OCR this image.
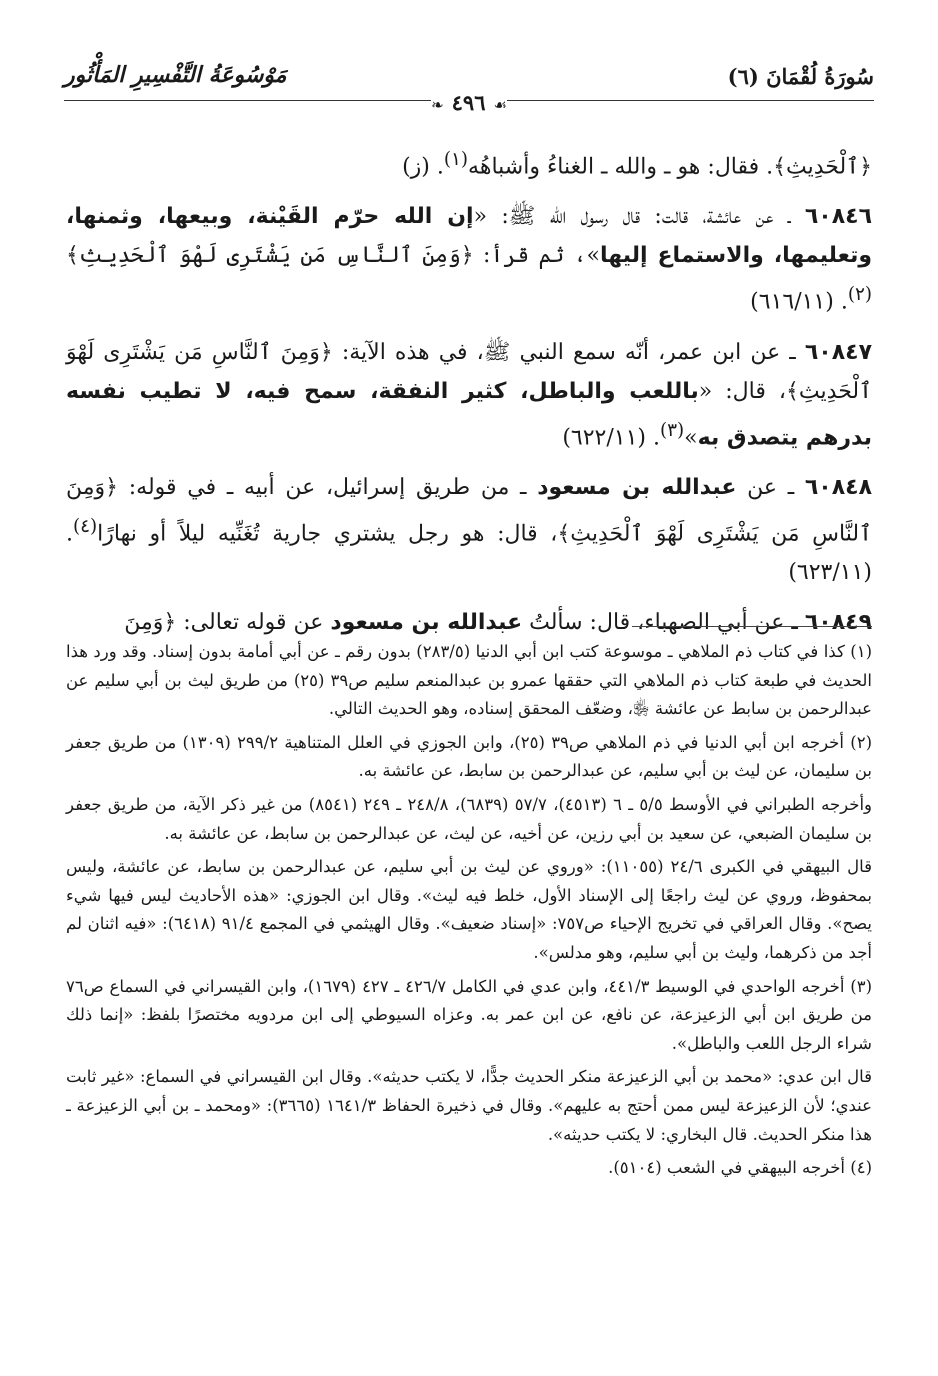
سُورَةُ لُقْمَانَ (٦)
مَوْسُوعَةُ التَّفْسِيرِ المَأْثُور
☙٤٩٦❧

﴿ٱلْحَدِيثِ﴾. فقال: هو ـ والله ـ الغناءُ وأشباهُه$^{(١)}$. (ز)

٦٠٨٤٦ ـ عن عائشة، قالت: قال رسول الله ﷺ: «إن الله حرّم القَيْنة، وبيعها، وثمنها، وتعليمها، والاستماع إليها»، ثم قرأ: ﴿وَمِنَ ٱلنَّاسِ مَن يَشْتَرِى لَهْوَ ٱلْحَدِيثِ﴾$^{(٢)}$. (٦١٦/١١)

٦٠٨٤٧ ـ عن ابن عمر، أنّه سمع النبي ﷺ، في هذه الآية: ﴿وَمِنَ ٱلنَّاسِ مَن يَشْتَرِى لَهْوَ ٱلْحَدِيثِ﴾، قال: «باللعب والباطل، كثير النفقة، سمح فيه، لا تطيب نفسه بدرهم يتصدق به»$^{(٣)}$. (٦٢٢/١١)

٦٠٨٤٨ ـ عن عبدالله بن مسعود ـ من طريق إسرائيل، عن أبيه ـ في قوله: ﴿وَمِنَ ٱلنَّاسِ مَن يَشْتَرِى لَهْوَ ٱلْحَدِيثِ﴾، قال: هو رجل يشتري جارية تُغَنِّيه ليلاً أو نهارًا$^{(٤)}$. (٦٢٣/١١)

٦٠٨٤٩ ـ عن أبي الصهباء، قال: سألتُ عبدالله بن مسعود عن قوله تعالى: ﴿وَمِنَ

(١) كذا في كتاب ذم الملاهي ـ موسوعة كتب ابن أبي الدنيا (٢٨٣/٥) بدون رقم ـ عن أبي أمامة بدون إسناد. وقد ورد هذا الحديث في طبعة كتاب ذم الملاهي التي حققها عمرو بن عبدالمنعم سليم ص٣٩ (٢٥) من طريق ليث بن أبي سليم عن عبدالرحمن بن سابط عن عائشة ﵂، وضعّف المحقق إسناده، وهو الحديث التالي.

(٢) أخرجه ابن أبي الدنيا في ذم الملاهي ص٣٩ (٢٥)، وابن الجوزي في العلل المتناهية ٢٩٩/٢ (١٣٠٩) من طريق جعفر بن سليمان، عن ليث بن أبي سليم، عن عبدالرحمن بن سابط، عن عائشة به.

وأخرجه الطبراني في الأوسط ٥/٥ ـ ٦ (٤٥١٣)، ٥٧/٧ (٦٨٣٩)، ٢٤٨/٨ ـ ٢٤٩ (٨٥٤١) من غير ذكر الآية، من طريق جعفر بن سليمان الضبعي، عن سعيد بن أبي رزين، عن أخيه، عن ليث، عن عبدالرحمن بن سابط، عن عائشة به.

قال البيهقي في الكبرى ٢٤/٦ (١١٠٥٥): «وروي عن ليث بن أبي سليم، عن عبدالرحمن بن سابط، عن عائشة، وليس بمحفوظ، وروي عن ليث راجعًا إلى الإسناد الأول، خلط فيه ليث». وقال ابن الجوزي: «هذه الأحاديث ليس فيها شيء يصح». وقال العراقي في تخريج الإحياء ص٧٥٧: «إسناد ضعيف». وقال الهيثمي في المجمع ٩١/٤ (٦٤١٨): «فيه اثنان لم أجد من ذكرهما، وليث بن أبي سليم، وهو مدلس».

(٣) أخرجه الواحدي في الوسيط ٤٤١/٣، وابن عدي في الكامل ٤٢٦/٧ ـ ٤٢٧ (١٦٧٩)، وابن القيسراني في السماع ص٧٦ من طريق ابن أبي الزعيزعة، عن نافع، عن ابن عمر به. وعزاه السيوطي إلى ابن مردويه مختصرًا بلفظ: «إنما ذلك شراء الرجل اللعب والباطل».

قال ابن عدي: «محمد بن أبي الزعيزعة منكر الحديث جدًّا، لا يكتب حديثه». وقال ابن القيسراني في السماع: «غير ثابت عندي؛ لأن الزعيزعة ليس ممن أحتج به عليهم». وقال في ذخيرة الحفاظ ١٦٤١/٣ (٣٦٦٥): «ومحمد ـ بن أبي الزعيزعة ـ هذا منكر الحديث. قال البخاري: لا يكتب حديثه».

(٤) أخرجه البيهقي في الشعب (٥١٠٤).
